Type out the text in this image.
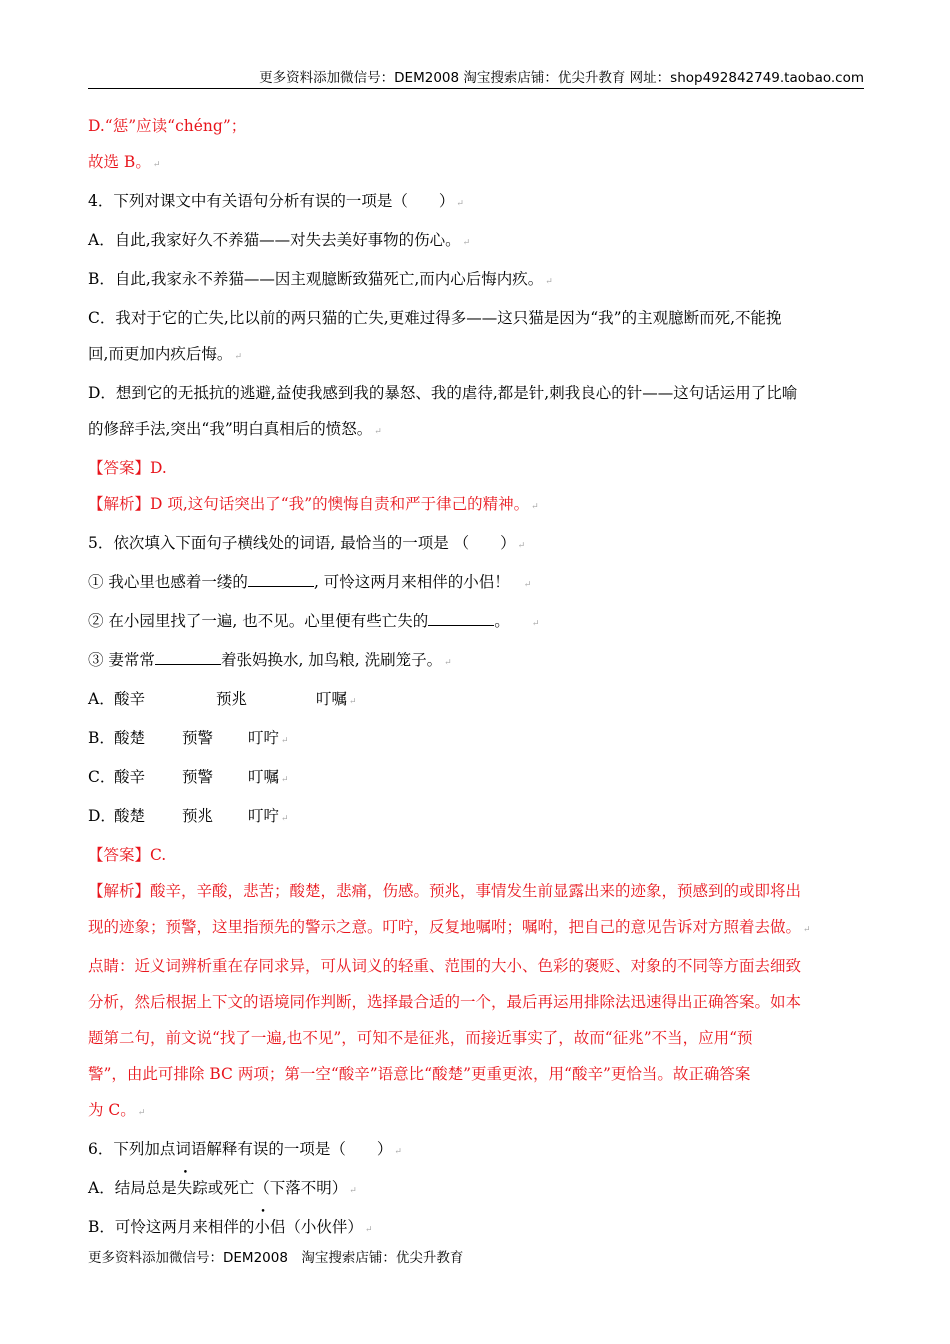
更多资料添加微信号：DEM2008 淘宝搜索店铺：优尖升教育 网址：shop492842749.taobao.com
D.“惩”应读“chéng”；
故选 B。 ↵
4．下列对课文中有关语句分析有误的一项是（　　） ↵
A．自此,我家好久不养猫——对失去美好事物的伤心。 ↵
B．自此,我家永不养猫——因主观臆断致猫死亡,而内心后悔内疚。 ↵
C．我对于它的亡失,比以前的两只猫的亡失,更难过得多——这只猫是因为“我”的主观臆断而死,不能挽
回,而更加内疚后悔。 ↵
D．想到它的无抵抗的逃避,益使我感到我的暴怒、我的虐待,都是针,刺我良心的针——这句话运用了比喻
的修辞手法,突出“我”明白真相后的愤怒。 ↵
【答案】D.
【解析】D 项,这句话突出了“我”的懊悔自责和严于律己的精神。 ↵
5．依次填入下面句子横线处的词语, 最恰当的一项是 （　　） ↵
① 我心里也感着一缕的	, 可怜这两月来相伴的小侣！ ↵
② 在小园里找了一遍, 也不见。心里便有些亡失的	。 ↵
③ 妻常常	着张妈换水, 加鸟粮, 洗刷笼子。 ↵
A．酸辛	预兆	叮嘱 ↵
B．酸楚 预警 叮咛 ↵
C．酸辛 预警 叮嘱 ↵
D．酸楚 预兆 叮咛 ↵
【答案】C.
【解析】酸辛，辛酸，悲苦；酸楚，悲痛，伤感。预兆，事情发生前显露出来的迹象，预感到的或即将出
现的迹象；预警，这里指预先的警示之意。叮咛，反复地嘱咐；嘱咐，把自己的意见告诉对方照着去做。 ↵
点睛：近义词辨析重在存同求异，可从词义的轻重、范围的大小、色彩的褒贬、对象的不同等方面去细致
分析，然后根据上下文的语境同作判断，选择最合适的一个，最后再运用排除法迅速得出正确答案。如本
题第二句，前文说“找了一遍,也不见”，可知不是征兆，而接近事实了，故而“征兆”不当，应用“预
警”，由此可排除 BC 两项；第一空“酸辛”语意比“酸楚”更重更浓，用“酸辛”更恰当。故正确答案
为 C。 ↵
6．下列加点词语解释有误的一项是（　　） ↵
A．结局总是失踪或死亡（下落不明） ↵
B．可怜这两月来相伴的小侣（小伙伴） ↵
更多资料添加微信号：DEM2008　淘宝搜索店铺：优尖升教育
